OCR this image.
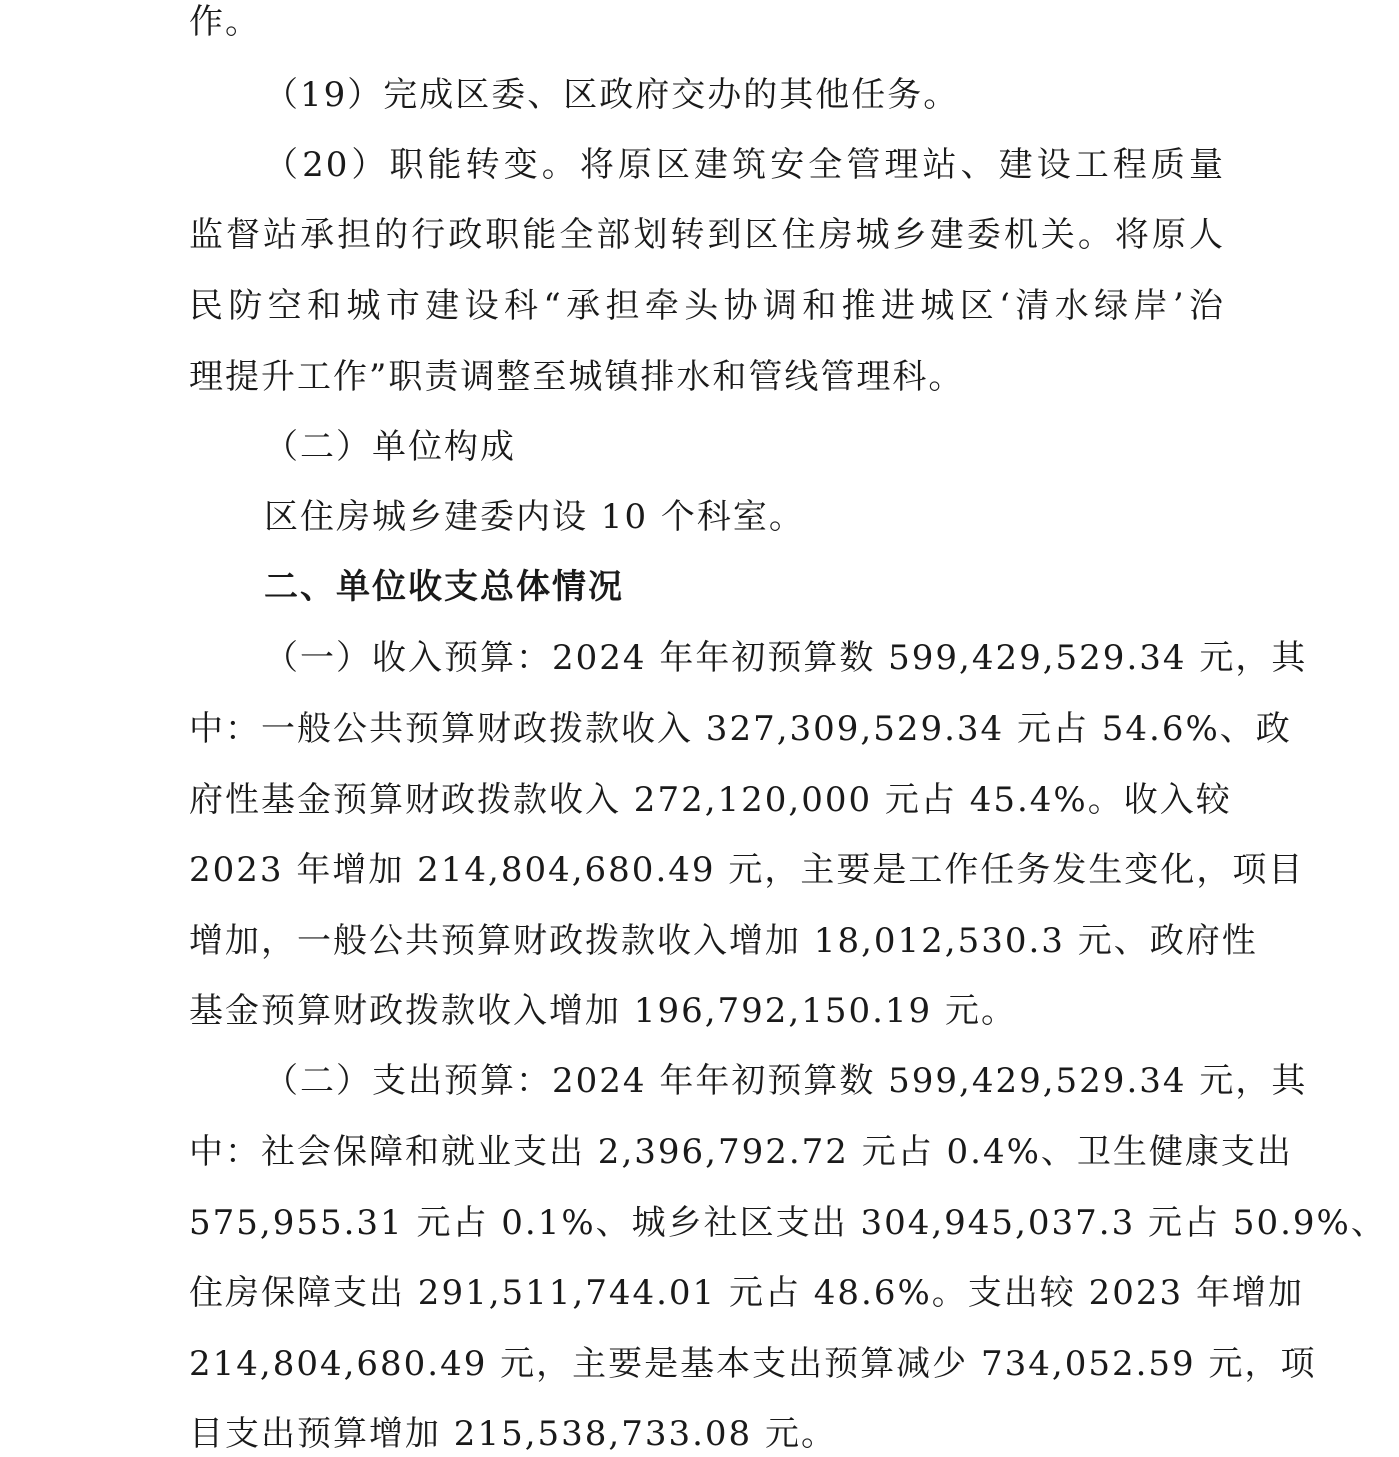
作。
（19）完成区委、区政府交办的其他任务。
（20）职能转变。将原区建筑安全管理站、建设工程质量
监督站承担的行政职能全部划转到区住房城乡建委机关。将原人
民防空和城市建设科“承担牵头协调和推进城区‘清水绿岸’治
理提升工作”职责调整至城镇排水和管线管理科。
（二）单位构成
区住房城乡建委内设 10 个科室。
二、单位收支总体情况
（一）收入预算：2024 年年初预算数 599,429,529.34 元，其
中：一般公共预算财政拨款收入 327,309,529.34 元占 54.6%、政
府性基金预算财政拨款收入 272,120,000 元占 45.4%。收入较
2023 年增加 214,804,680.49 元，主要是工作任务发生变化，项目
增加，一般公共预算财政拨款收入增加 18,012,530.3 元、政府性
基金预算财政拨款收入增加 196,792,150.19 元。
（二）支出预算：2024 年年初预算数 599,429,529.34 元，其
中：社会保障和就业支出 2,396,792.72 元占 0.4%、卫生健康支出
575,955.31 元占 0.1%、城乡社区支出 304,945,037.3 元占 50.9%、
住房保障支出 291,511,744.01 元占 48.6%。支出较 2023 年增加
214,804,680.49 元，主要是基本支出预算减少 734,052.59 元，项
目支出预算增加 215,538,733.08 元。
